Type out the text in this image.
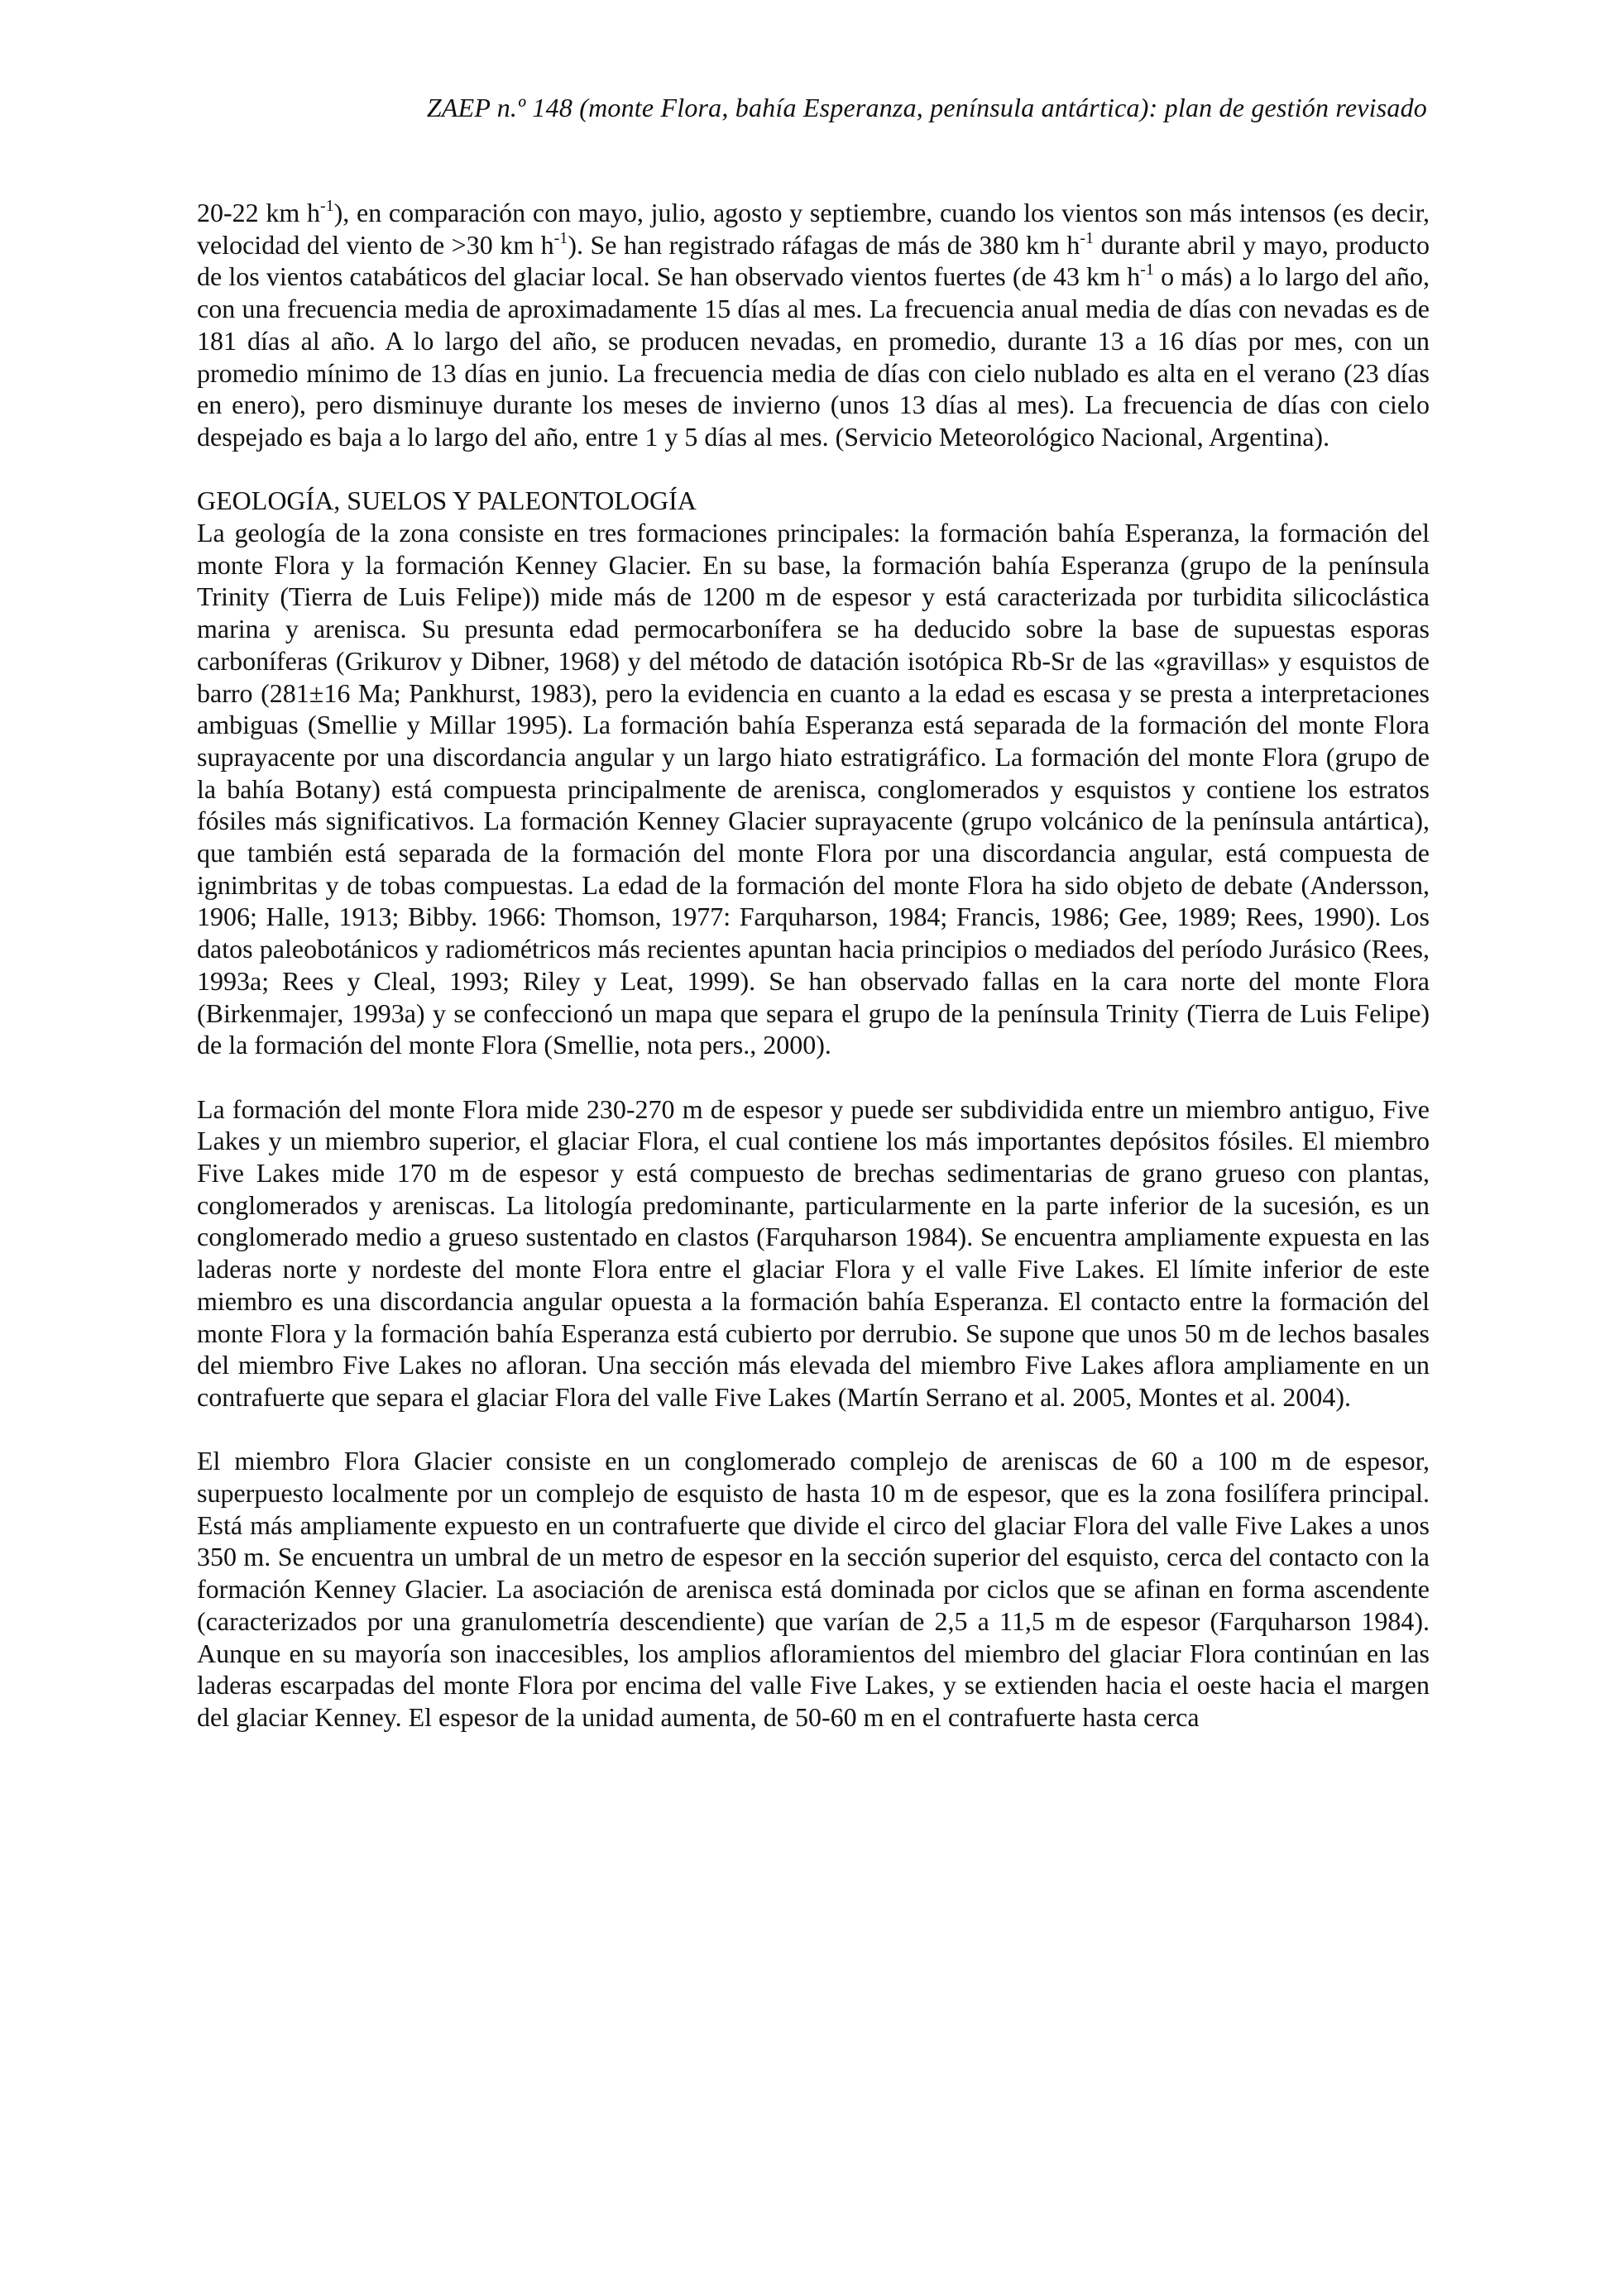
ZAEP n.º 148 (monte Flora, bahía Esperanza, península antártica): plan de gestión revisado

20-22 km $h^{-1}$), en comparación con mayo, julio, agosto y septiembre, cuando los vientos son más intensos (es decir, velocidad del viento de >30 km $h^{-1}$). Se han registrado ráfagas de más de 380 km $h^{-1}$ durante abril y mayo, producto de los vientos catabáticos del glaciar local. Se han observado vientos fuertes (de 43 km $h^{-1}$ o más) a lo largo del año, con una frecuencia media de aproximadamente 15 días al mes. La frecuencia anual media de días con nevadas es de 181 días al año. A lo largo del año, se producen nevadas, en promedio, durante 13 a 16 días por mes, con un promedio mínimo de 13 días en junio. La frecuencia media de días con cielo nublado es alta en el verano (23 días en enero), pero disminuye durante los meses de invierno (unos 13 días al mes). La frecuencia de días con cielo despejado es baja a lo largo del año, entre 1 y 5 días al mes. (Servicio Meteorológico Nacional, Argentina).

GEOLOGÍA, SUELOS Y PALEONTOLOGÍA

La geología de la zona consiste en tres formaciones principales: la formación bahía Esperanza, la formación del monte Flora y la formación Kenney Glacier. En su base, la formación bahía Esperanza (grupo de la península Trinity (Tierra de Luis Felipe)) mide más de 1200 m de espesor y está caracterizada por turbidita silicoclástica marina y arenisca. Su presunta edad permocarbonífera se ha deducido sobre la base de supuestas esporas carboníferas (Grikurov y Dibner, 1968) y del método de datación isotópica Rb-Sr de las «gravillas» y esquistos de barro (281±16 Ma; Pankhurst, 1983), pero la evidencia en cuanto a la edad es escasa y se presta a interpretaciones ambiguas (Smellie y Millar 1995). La formación bahía Esperanza está separada de la formación del monte Flora suprayacente por una discordancia angular y un largo hiato estratigráfico. La formación del monte Flora (grupo de la bahía Botany) está compuesta principalmente de arenisca, conglomerados y esquistos y contiene los estratos fósiles más significativos. La formación Kenney Glacier suprayacente (grupo volcánico de la península antártica), que también está separada de la formación del monte Flora por una discordancia angular, está compuesta de ignimbritas y de tobas compuestas. La edad de la formación del monte Flora ha sido objeto de debate (Andersson, 1906; Halle, 1913; Bibby. 1966: Thomson, 1977: Farquharson, 1984; Francis, 1986; Gee, 1989; Rees, 1990). Los datos paleobotánicos y radiométricos más recientes apuntan hacia principios o mediados del período Jurásico (Rees, 1993a; Rees y Cleal, 1993; Riley y Leat, 1999). Se han observado fallas en la cara norte del monte Flora (Birkenmajer, 1993a) y se confeccionó un mapa que separa el grupo de la península Trinity (Tierra de Luis Felipe) de la formación del monte Flora (Smellie, nota pers., 2000).

La formación del monte Flora mide 230-270 m de espesor y puede ser subdividida entre un miembro antiguo, Five Lakes y un miembro superior, el glaciar Flora, el cual contiene los más importantes depósitos fósiles. El miembro Five Lakes mide 170 m de espesor y está compuesto de brechas sedimentarias de grano grueso con plantas, conglomerados y areniscas. La litología predominante, particularmente en la parte inferior de la sucesión, es un conglomerado medio a grueso sustentado en clastos (Farquharson 1984). Se encuentra ampliamente expuesta en las laderas norte y nordeste del monte Flora entre el glaciar Flora y el valle Five Lakes. El límite inferior de este miembro es una discordancia angular opuesta a la formación bahía Esperanza. El contacto entre la formación del monte Flora y la formación bahía Esperanza está cubierto por derrubio. Se supone que unos 50 m de lechos basales del miembro Five Lakes no afloran. Una sección más elevada del miembro Five Lakes aflora ampliamente en un contrafuerte que separa el glaciar Flora del valle Five Lakes (Martín Serrano et al. 2005, Montes et al. 2004).

El miembro Flora Glacier consiste en un conglomerado complejo de areniscas de 60 a 100 m de espesor, superpuesto localmente por un complejo de esquisto de hasta 10 m de espesor, que es la zona fosilífera principal. Está más ampliamente expuesto en un contrafuerte que divide el circo del glaciar Flora del valle Five Lakes a unos 350 m. Se encuentra un umbral de un metro de espesor en la sección superior del esquisto, cerca del contacto con la formación Kenney Glacier. La asociación de arenisca está dominada por ciclos que se afinan en forma ascendente (caracterizados por una granulometría descendiente) que varían de 2,5 a 11,5 m de espesor (Farquharson 1984). Aunque en su mayoría son inaccesibles, los amplios afloramientos del miembro del glaciar Flora continúan en las laderas escarpadas del monte Flora por encima del valle Five Lakes, y se extienden hacia el oeste hacia el margen del glaciar Kenney. El espesor de la unidad aumenta, de 50-60 m en el contrafuerte hasta cerca
